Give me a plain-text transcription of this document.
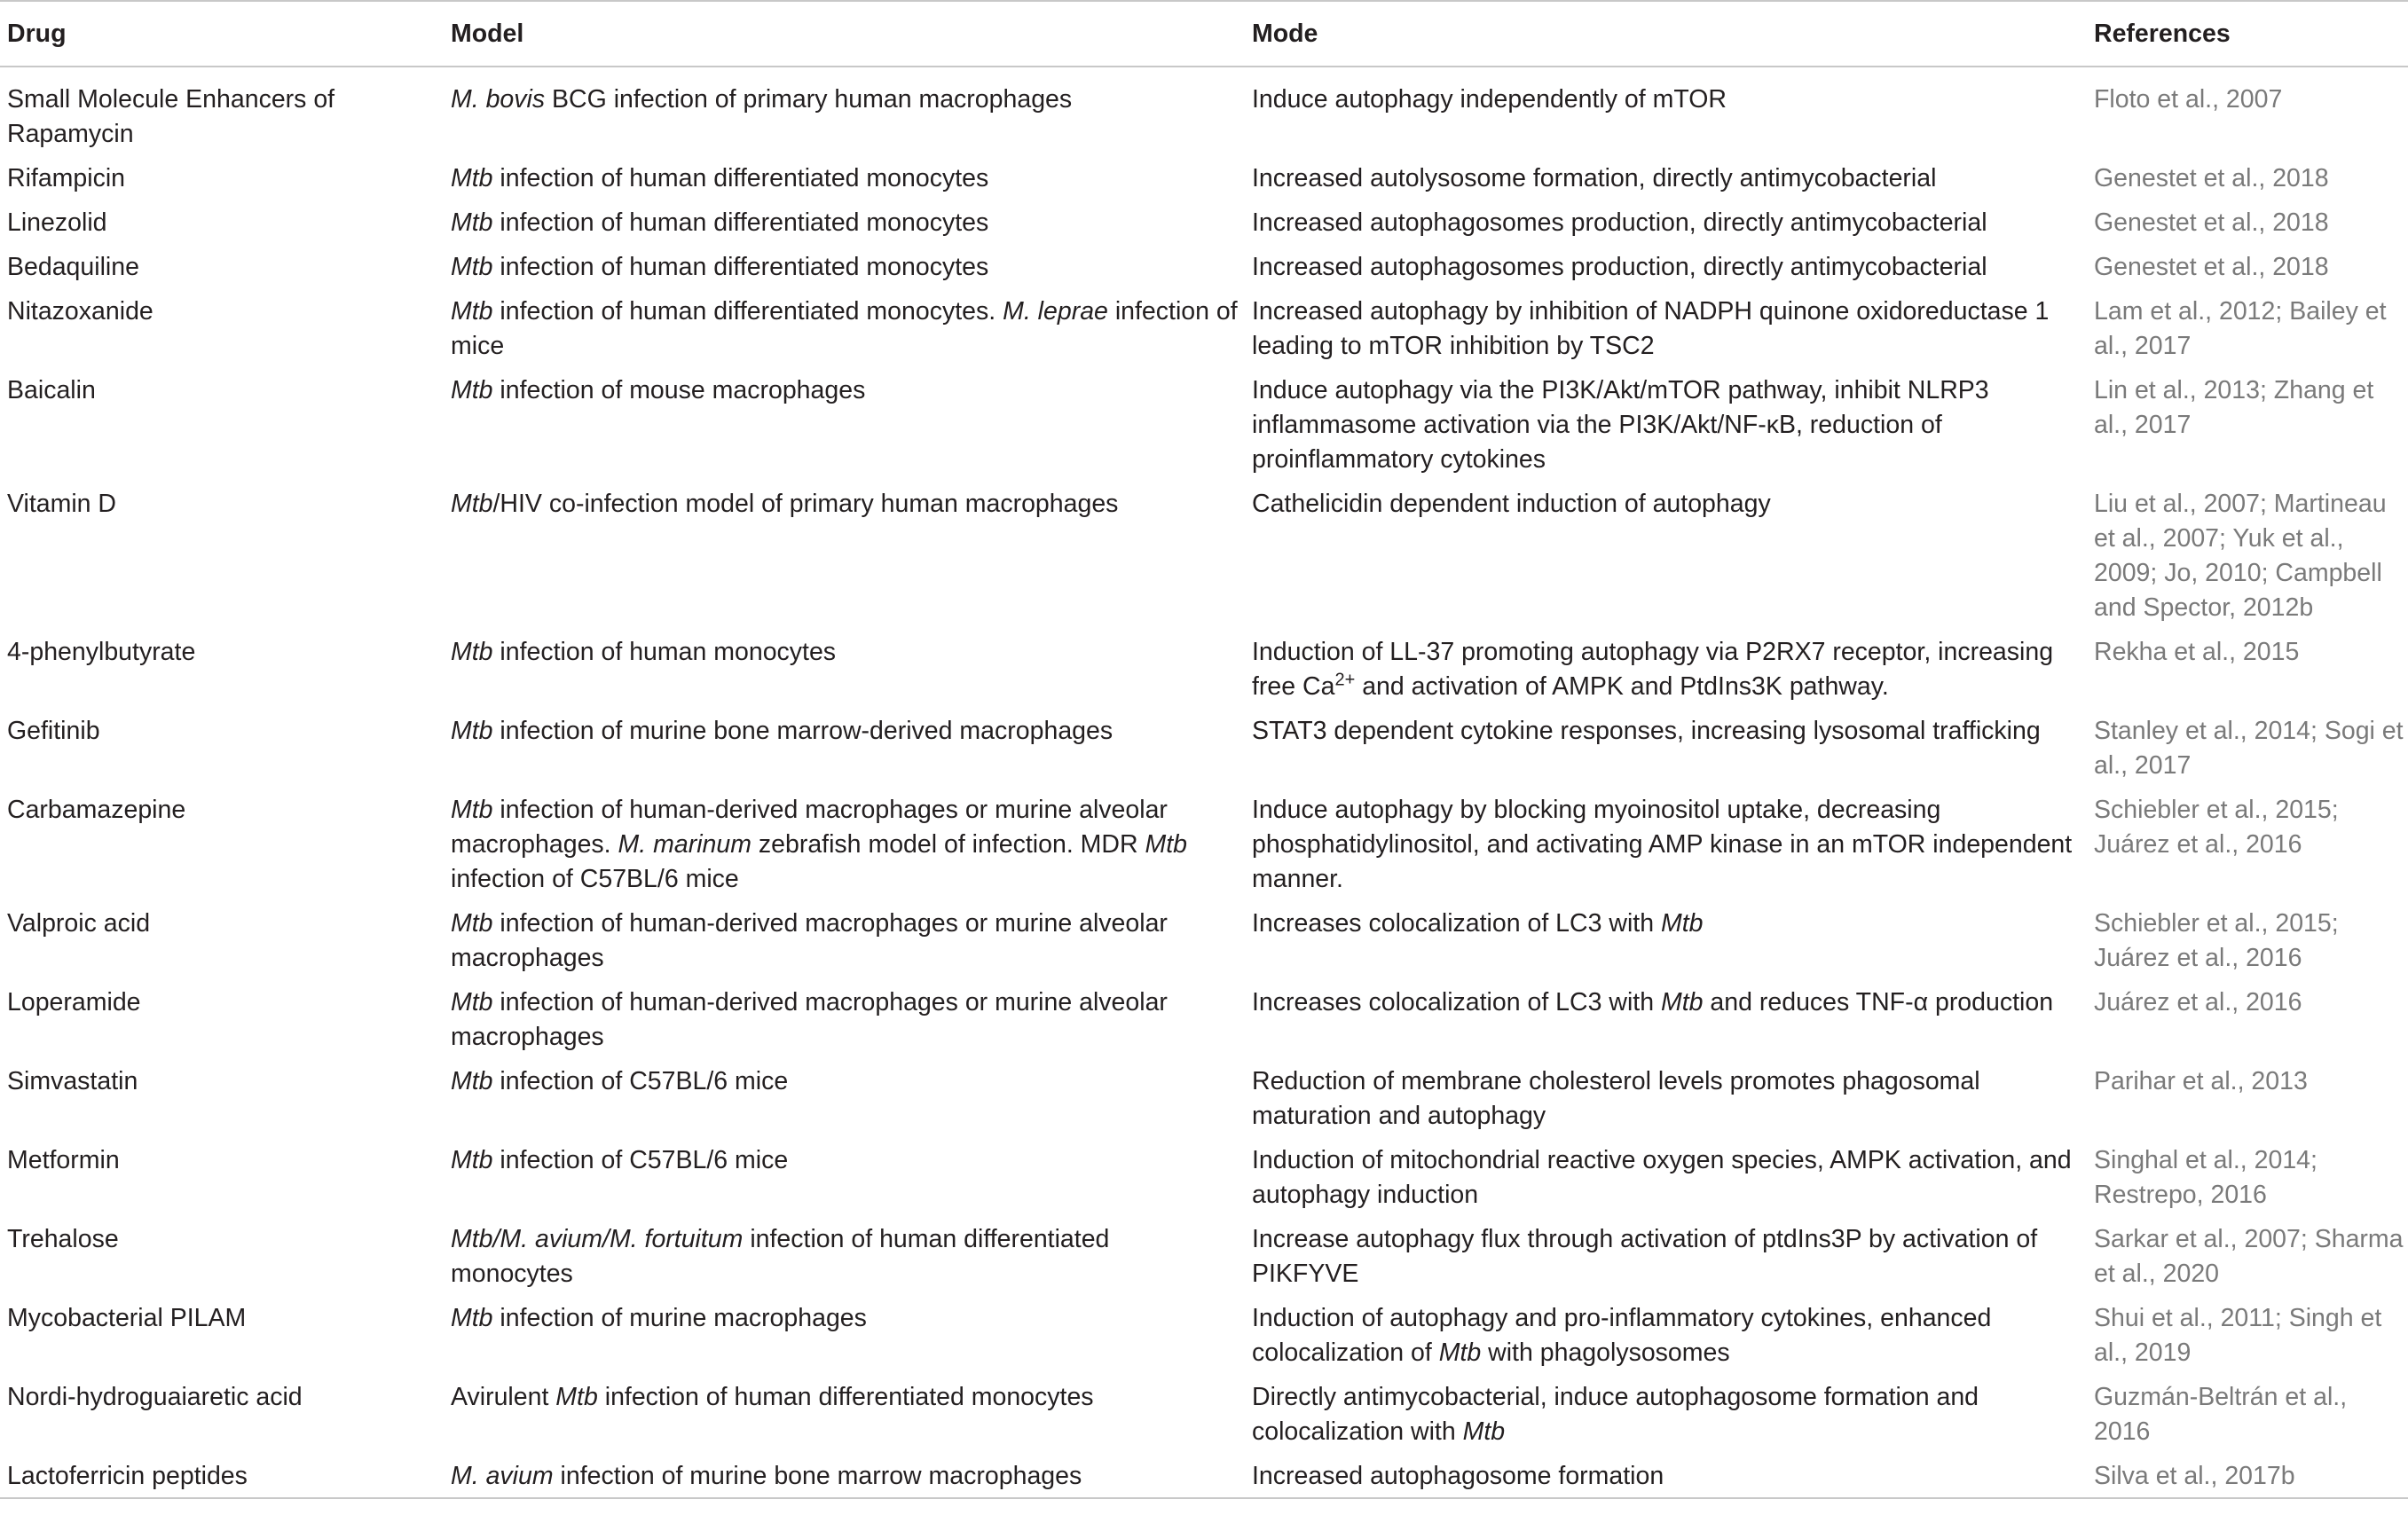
Drug	Model	Mode	References
Small Molecule Enhancers of Rapamycin	M. bovis BCG infection of primary human macrophages	Induce autophagy independently of mTOR	Floto et al., 2007
Rifampicin	Mtb infection of human differentiated monocytes	Increased autolysosome formation, directly antimycobacterial	Genestet et al., 2018
Linezolid	Mtb infection of human differentiated monocytes	Increased autophagosomes production, directly antimycobacterial	Genestet et al., 2018
Bedaquiline	Mtb infection of human differentiated monocytes	Increased autophagosomes production, directly antimycobacterial	Genestet et al., 2018
Nitazoxanide	Mtb infection of human differentiated monocytes. M. leprae infection of mice	Increased autophagy by inhibition of NADPH quinone oxidoreductase 1 leading to mTOR inhibition by TSC2	Lam et al., 2012; Bailey et al., 2017
Baicalin	Mtb infection of mouse macrophages	Induce autophagy via the PI3K/Akt/mTOR pathway, inhibit NLRP3 inflammasome activation via the PI3K/Akt/NF-κB, reduction of proinflammatory cytokines	Lin et al., 2013; Zhang et al., 2017
Vitamin D	Mtb/HIV co-infection model of primary human macrophages	Cathelicidin dependent induction of autophagy	Liu et al., 2007; Martineau et al., 2007; Yuk et al., 2009; Jo, 2010; Campbell and Spector, 2012b
4-phenylbutyrate	Mtb infection of human monocytes	Induction of LL-37 promoting autophagy via P2RX7 receptor, increasing free $Ca^{2+}$ and activation of AMPK and PtdIns3K pathway.	Rekha et al., 2015
Gefitinib	Mtb infection of murine bone marrow-derived macrophages	STAT3 dependent cytokine responses, increasing lysosomal trafficking	Stanley et al., 2014; Sogi et al., 2017
Carbamazepine	Mtb infection of human-derived macrophages or murine alveolar macrophages. M. marinum zebrafish model of infection. MDR Mtb infection of C57BL/6 mice	Induce autophagy by blocking myoinositol uptake, decreasing phosphatidylinositol, and activating AMP kinase in an mTOR independent manner.	Schiebler et al., 2015; Juárez et al., 2016
Valproic acid	Mtb infection of human-derived macrophages or murine alveolar macrophages	Increases colocalization of LC3 with Mtb	Schiebler et al., 2015; Juárez et al., 2016
Loperamide	Mtb infection of human-derived macrophages or murine alveolar macrophages	Increases colocalization of LC3 with Mtb and reduces TNF-α production	Juárez et al., 2016
Simvastatin	Mtb infection of C57BL/6 mice	Reduction of membrane cholesterol levels promotes phagosomal maturation and autophagy	Parihar et al., 2013
Metformin	Mtb infection of C57BL/6 mice	Induction of mitochondrial reactive oxygen species, AMPK activation, and autophagy induction	Singhal et al., 2014; Restrepo, 2016
Trehalose	Mtb/M. avium/M. fortuitum infection of human differentiated monocytes	Increase autophagy flux through activation of ptdIns3P by activation of PIKFYVE	Sarkar et al., 2007; Sharma et al., 2020
Mycobacterial PILAM	Mtb infection of murine macrophages	Induction of autophagy and pro-inflammatory cytokines, enhanced colocalization of Mtb with phagolysosomes	Shui et al., 2011; Singh et al., 2019
Nordi-hydroguaiaretic acid	Avirulent Mtb infection of human differentiated monocytes	Directly antimycobacterial, induce autophagosome formation and colocalization with Mtb	Guzmán-Beltrán et al., 2016
Lactoferricin peptides	M. avium infection of murine bone marrow macrophages	Increased autophagosome formation	Silva et al., 2017b
